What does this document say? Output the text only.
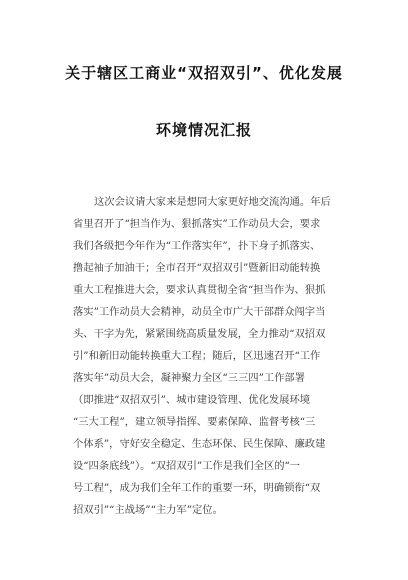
关于辖区工商业“双招双引”、优化发展
环境情况汇报
这次会议请大家来是想同大家更好地交流沟通。年后
省里召开了“担当作为、狠抓落实”工作动员大会，要求
我们各级把今年作为“工作落实年”，扑下身子抓落实、
撸起袖子加油干；全市召开“双招双引”暨新旧动能转换
重大工程推进大会，要求认真贯彻全省“担当作为、狠抓
落实”工作动员大会精神，动员全市广大干部群众闯字当
头、干字为先，紧紧围绕高质量发展，全力推动“双招双
引”和新旧动能转换重大工程；随后，区迅速召开“工作
落实年”动员大会，凝神聚力全区“三三四”工作部署
（即推进“双招双引”、城市建设管理、优化发展环境
“三大工程”，建立领导指挥、要素保障、监督考核“三
个体系”，守好安全稳定、生态环保、民生保障、廉政建
设“四条底线”）。“双招双引”工作是我们全区的“一
号工程”，成为我们全年工作的重要一环，明确锁衔“双
招双引”“主战场”“主力军”定位。
